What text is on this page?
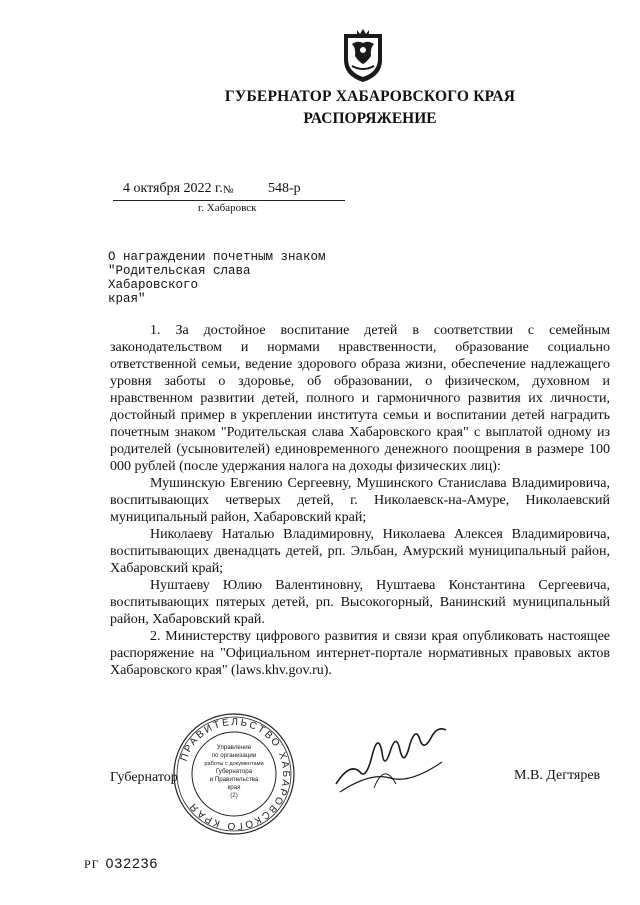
ГУБЕРНАТОР ХАБАРОВСКОГО КРАЯ
РАСПОРЯЖЕНИЕ
4 октября 2022 г. № 548-р
г. Хабаровск
О награждении почетным знаком
"Родительская слава Хабаровского
края"

1. За достойное воспитание детей в соответствии с семейным законодательством и нормами нравственности, образование социально ответственной семьи, ведение здорового образа жизни, обеспечение надлежащего уровня заботы о здоровье, об образовании, о физическом, духовном и нравственном развитии детей, полного и гармоничного развития их личности, достойный пример в укреплении института семьи и воспитании детей наградить почетным знаком "Родительская слава Хабаровского края" с выплатой одному из родителей (усыновителей) единовременного денежного поощрения в размере 100 000 рублей (после удержания налога на доходы физических лиц):

Мушинскую Евгению Сергеевну, Мушинского Станислава Владимировича, воспитывающих четверых детей, г. Николаевск-на-Амуре, Николаевский муниципальный район, Хабаровский край;

Николаеву Наталью Владимировну, Николаева Алексея Владимировича, воспитывающих двенадцать детей, рп. Эльбан, Амурский муниципальный район, Хабаровский край;

Нуштаеву Юлию Валентиновну, Нуштаева Константина Сергеевича, воспитывающих пятерых детей, рп. Высокогорный, Ванинский муниципальный район, Хабаровский край.

2. Министерству цифрового развития и связи края опубликовать настоящее распоряжение на "Официальном интернет-портале нормативных правовых актов Хабаровского края" (laws.khv.gov.ru).

ПРАВИТЕЛЬСТВО ХАБАРОВСКОГО КРАЯ
Управление
по организации
работы с документами
Губернатора
и Правительства
края
(2)
Губернатор	М.В. Дегтярев
РГ 032236
